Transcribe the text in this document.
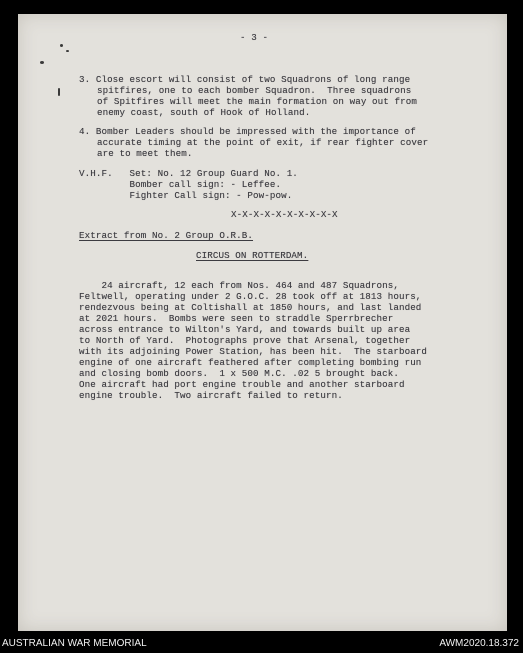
- 3 -
3. Close escort will consist of two Squadrons of long range
spitfires, one to each bomber Squadron.  Three squadrons
of Spitfires will meet the main formation on way out from
enemy coast, south of Hook of Holland.
4. Bomber Leaders should be impressed with the importance of
accurate timing at the point of exit, if rear fighter cover
are to meet them.
V.H.F.   Set: No. 12 Group Guard No. 1.
Bomber call sign: - Leffee.
Fighter Call sign: - Pow-pow.
X-X-X-X-X-X-X-X-X-X
Extract from No. 2 Group O.R.B.
CIRCUS ON ROTTERDAM.
24 aircraft, 12 each from Nos. 464 and 487 Squadrons,
Feltwell, operating under 2 G.O.C. 28 took off at 1813 hours,
rendezvous being at Coltishall at 1850 hours, and last landed
at 2021 hours.  Bombs were seen to straddle Sperrbrecher
across entrance to Wilton's Yard, and towards built up area
to North of Yard.  Photographs prove that Arsenal, together
with its adjoining Power Station, has been hit.  The starboard
engine of one aircraft feathered after completing bombing run
and closing bomb doors.  1 x 500 M.C. .02 5 brought back.
One aircraft had port engine trouble and another starboard
engine trouble.  Two aircraft failed to return.
AUSTRALIAN WAR MEMORIAL	AWM2020.18.372
